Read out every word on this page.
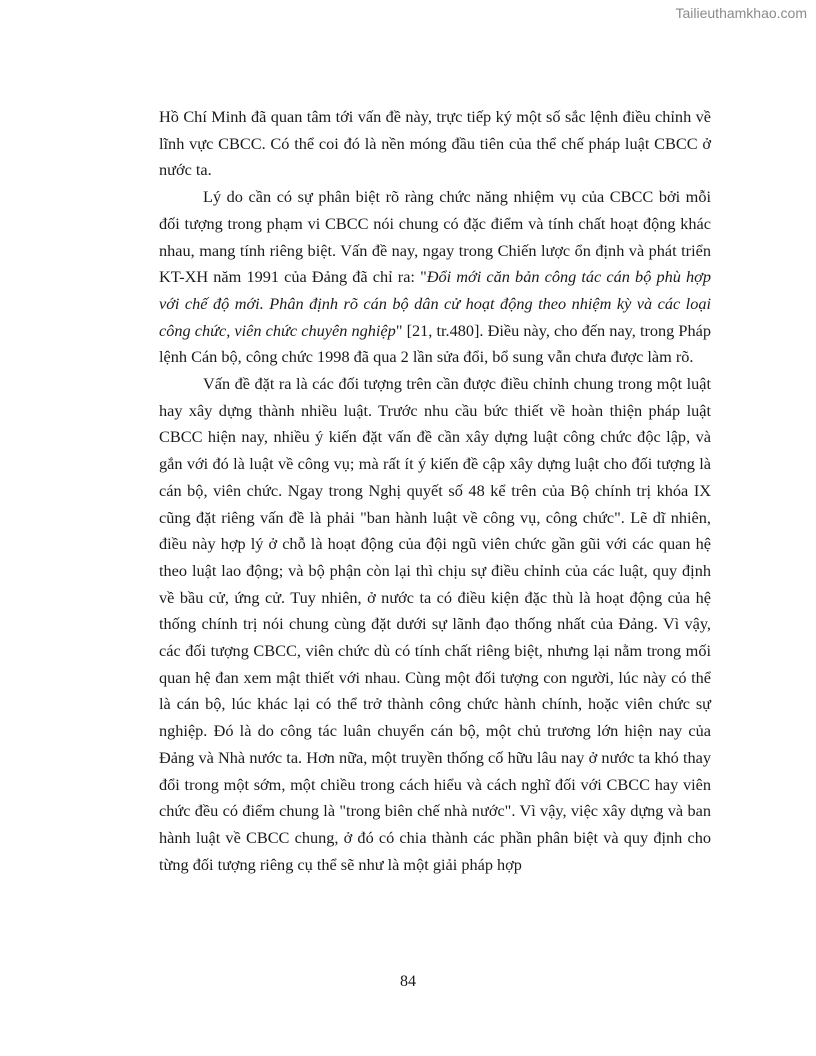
Tailieuthamkhao.com

Hồ Chí Minh đã quan tâm tới vấn đề này, trực tiếp ký một số sắc lệnh điều chỉnh về lĩnh vực CBCC. Có thể coi đó là nền móng đầu tiên của thể chế pháp luật CBCC ở nước ta.

Lý do cần có sự phân biệt rõ ràng chức năng nhiệm vụ của CBCC bởi mỗi đối tượng trong phạm vi CBCC nói chung có đặc điểm và tính chất hoạt động khác nhau, mang tính riêng biệt. Vấn đề nay, ngay trong Chiến lược ổn định và phát triển KT-XH năm 1991 của Đảng đã chỉ ra: "Đổi mới căn bản công tác cán bộ phù hợp với chế độ mới. Phân định rõ cán bộ dân cử hoạt động theo nhiệm kỳ và các loại công chức, viên chức chuyên nghiệp" [21, tr.480]. Điều này, cho đến nay, trong Pháp lệnh Cán bộ, công chức 1998 đã qua 2 lần sửa đổi, bổ sung vẫn chưa được làm rõ.

Vấn đề đặt ra là các đối tượng trên cần được điều chỉnh chung trong một luật hay xây dựng thành nhiều luật. Trước nhu cầu bức thiết về hoàn thiện pháp luật CBCC hiện nay, nhiều ý kiến đặt vấn đề cần xây dựng luật công chức độc lập, và gắn với đó là luật về công vụ; mà rất ít ý kiến đề cập xây dựng luật cho đối tượng là cán bộ, viên chức. Ngay trong Nghị quyết số 48 kể trên của Bộ chính trị khóa IX cũng đặt riêng vấn đề là phải "ban hành luật về công vụ, công chức". Lẽ dĩ nhiên, điều này hợp lý ở chỗ là hoạt động của đội ngũ viên chức gần gũi với các quan hệ theo luật lao động; và bộ phận còn lại thì chịu sự điều chỉnh của các luật, quy định về bầu cử, ứng cử. Tuy nhiên, ở nước ta có điều kiện đặc thù là hoạt động của hệ thống chính trị nói chung cùng đặt dưới sự lãnh đạo thống nhất của Đảng. Vì vậy, các đối tượng CBCC, viên chức dù có tính chất riêng biệt, nhưng lại nằm trong mối quan hệ đan xem mật thiết với nhau. Cùng một đối tượng con người, lúc này có thể là cán bộ, lúc khác lại có thể trở thành công chức hành chính, hoặc viên chức sự nghiệp. Đó là do công tác luân chuyển cán bộ, một chủ trương lớn hiện nay của Đảng và Nhà nước ta. Hơn nữa, một truyền thống cố hữu lâu nay ở nước ta khó thay đổi trong một sớm, một chiều trong cách hiểu và cách nghĩ đối với CBCC hay viên chức đều có điểm chung là "trong biên chế nhà nước". Vì vậy, việc xây dựng và ban hành luật về CBCC chung, ở đó có chia thành các phần phân biệt và quy định cho từng đối tượng riêng cụ thể sẽ như là một giải pháp hợp

84
